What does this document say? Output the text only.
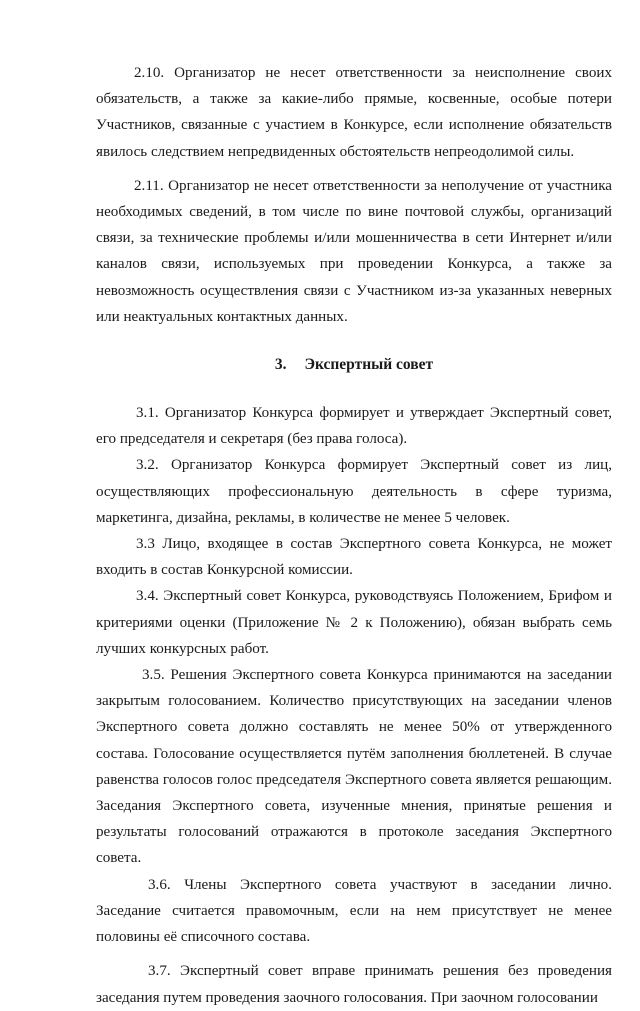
2.10. Организатор не несет ответственности за неисполнение своих обязательств, а также за какие-либо прямые, косвенные, особые потери Участников, связанные с участием в Конкурсе, если исполнение обязательств явилось следствием непредвиденных обстоятельств непреодолимой силы.

2.11. Организатор не несет ответственности за неполучение от участника необходимых сведений, в том числе по вине почтовой службы, организаций связи, за технические проблемы и/или мошенничества в сети Интернет и/или каналов связи, используемых при проведении Конкурса, а также за невозможность осуществления связи с Участником из-за указанных неверных или неактуальных контактных данных.

3. Экспертный совет

3.1. Организатор Конкурса формирует и утверждает Экспертный совет, его председателя и секретаря (без права голоса).

3.2. Организатор Конкурса формирует Экспертный совет из лиц, осуществляющих профессиональную деятельность в сфере туризма, маркетинга, дизайна, рекламы, в количестве не менее 5 человек.

3.3 Лицо, входящее в состав Экспертного совета Конкурса, не может входить в состав Конкурсной комиссии.

3.4. Экспертный совет Конкурса, руководствуясь Положением, Брифом и критериями оценки (Приложение № 2 к Положению), обязан выбрать семь лучших конкурсных работ.

3.5. Решения Экспертного совета Конкурса принимаются на заседании закрытым голосованием. Количество присутствующих на заседании членов Экспертного совета должно составлять не менее 50% от утвержденного состава. Голосование осуществляется путём заполнения бюллетеней. В случае равенства голосов голос председателя Экспертного совета является решающим. Заседания Экспертного совета, изученные мнения, принятые решения и результаты голосований отражаются в протоколе заседания Экспертного совета.

3.6. Члены Экспертного совета участвуют в заседании лично. Заседание считается правомочным, если на нем присутствует не менее половины её списочного состава.

3.7. Экспертный совет вправе принимать решения без проведения заседания путем проведения заочного голосования. При заочном голосовании
